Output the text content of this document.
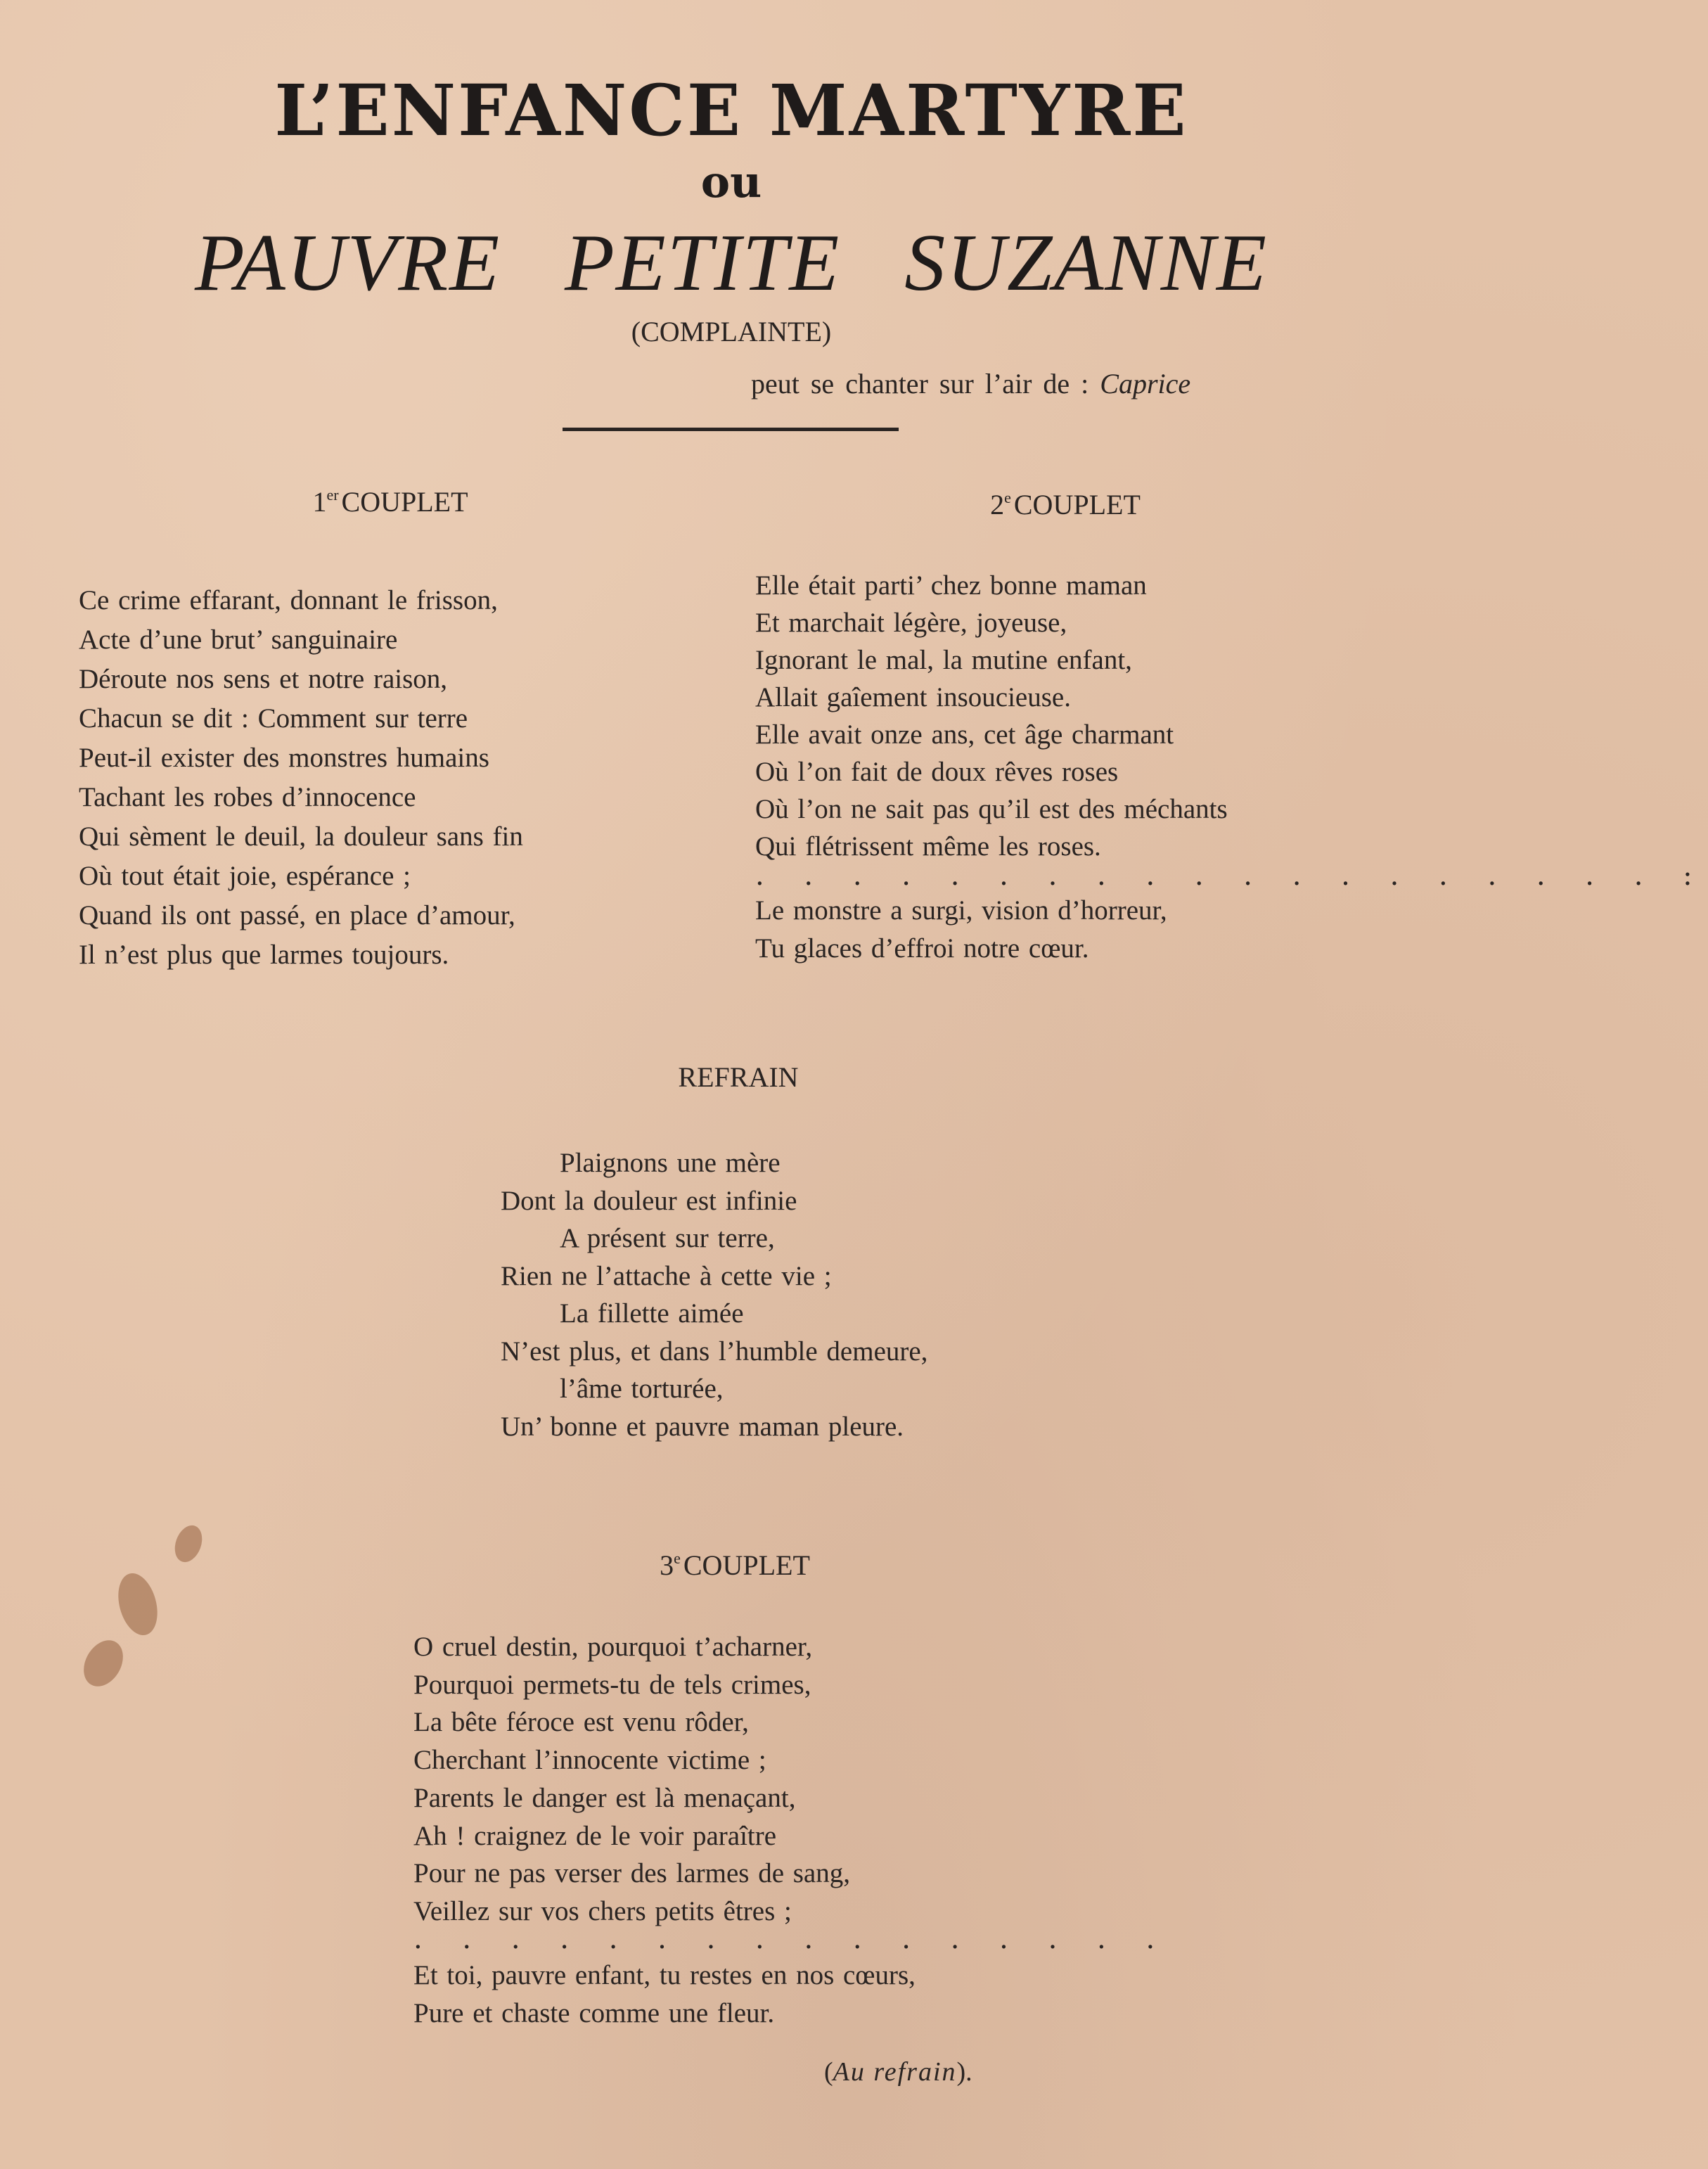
L’ENFANCE MARTYRE
ou
PAUVRE PETITE SUZANNE
(COMPLAINTE)
peut se chanter sur l’air de : Caprice
1er COUPLET
Ce crime effarant, donnant le frisson,
Acte d’une brut’ sanguinaire
Déroute nos sens et notre raison,
Chacun se dit : Comment sur terre
Peut-il exister des monstres humains
Tachant les robes d’innocence
Qui sèment le deuil, la douleur sans fin
Où tout était joie, espérance ;
Quand ils ont passé, en place d’amour,
Il n’est plus que larmes toujours.
2e COUPLET
Elle était parti’ chez bonne maman
Et marchait légère, joyeuse,
Ignorant le mal, la mutine enfant,
Allait gaîement insoucieuse.
Elle avait onze ans, cet âge charmant
Où l’on fait de doux rêves roses
Où l’on ne sait pas qu’il est des méchants
Qui flétrissent même les roses.
. . . . . . . . . . . . . . . . . . . :
Le monstre a surgi, vision d’horreur,
Tu glaces d’effroi notre cœur.
REFRAIN
Plaignons une mère
Dont la douleur est infinie
A présent sur terre,
Rien ne l’attache à cette vie ;
La fillette aimée
N’est plus, et dans l’humble demeure,
l’âme torturée,
Un’ bonne et pauvre maman pleure.
3e COUPLET
O cruel destin, pourquoi t’acharner,
Pourquoi permets-tu de tels crimes,
La bête féroce est venu rôder,
Cherchant l’innocente victime ;
Parents le danger est là menaçant,
Ah ! craignez de le voir paraître
Pour ne pas verser des larmes de sang,
Veillez sur vos chers petits êtres ;
. . . . . . . . . . . . . . . .
Et toi, pauvre enfant, tu restes en nos cœurs,
Pure et chaste comme une fleur.
(Au refrain).
